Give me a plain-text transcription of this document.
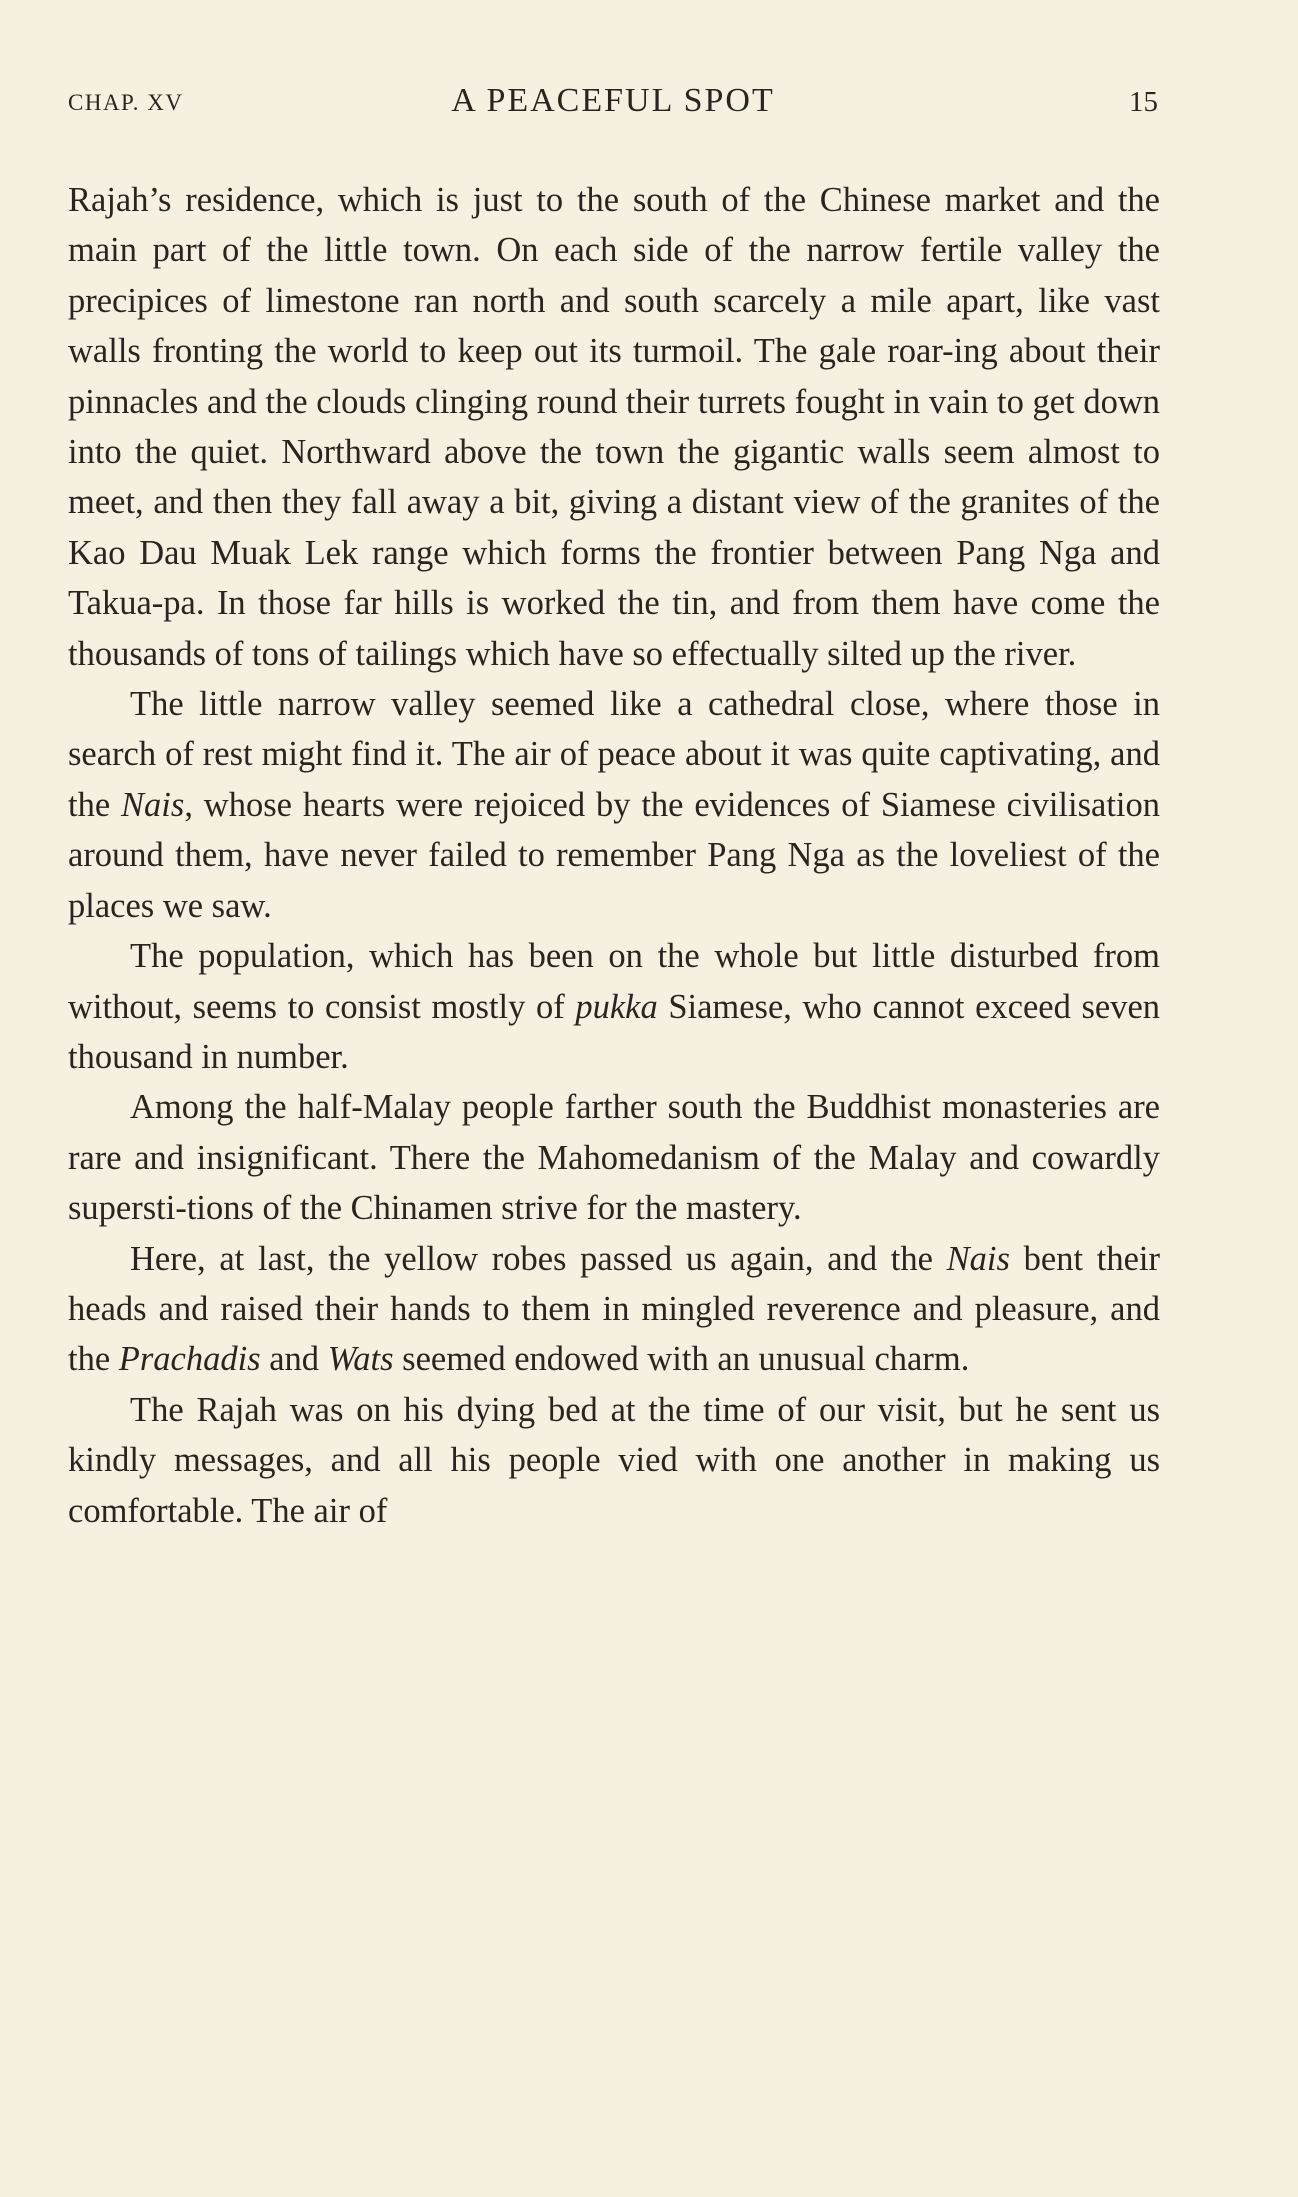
CHAP. XV	A PEACEFUL SPOT	15

Rajah’s residence, which is just to the south of the Chinese market and the main part of the little town. On each side of the narrow fertile valley the precipices of limestone ran north and south scarcely a mile apart, like vast walls fronting the world to keep out its turmoil. The gale roar-ing about their pinnacles and the clouds clinging round their turrets fought in vain to get down into the quiet. Northward above the town the gigantic walls seem almost to meet, and then they fall away a bit, giving a distant view of the granites of the Kao Dau Muak Lek range which forms the frontier between Pang Nga and Takua-pa. In those far hills is worked the tin, and from them have come the thousands of tons of tailings which have so effectually silted up the river.

The little narrow valley seemed like a cathedral close, where those in search of rest might find it. The air of peace about it was quite captivating, and the Nais, whose hearts were rejoiced by the evidences of Siamese civilisation around them, have never failed to remember Pang Nga as the loveliest of the places we saw.

The population, which has been on the whole but little disturbed from without, seems to consist mostly of pukka Siamese, who cannot exceed seven thousand in number.

Among the half-Malay people farther south the Buddhist monasteries are rare and insignificant. There the Mahomedanism of the Malay and cowardly supersti-tions of the Chinamen strive for the mastery.

Here, at last, the yellow robes passed us again, and the Nais bent their heads and raised their hands to them in mingled reverence and pleasure, and the Prachadis and Wats seemed endowed with an unusual charm.

The Rajah was on his dying bed at the time of our visit, but he sent us kindly messages, and all his people vied with one another in making us comfortable. The air of
